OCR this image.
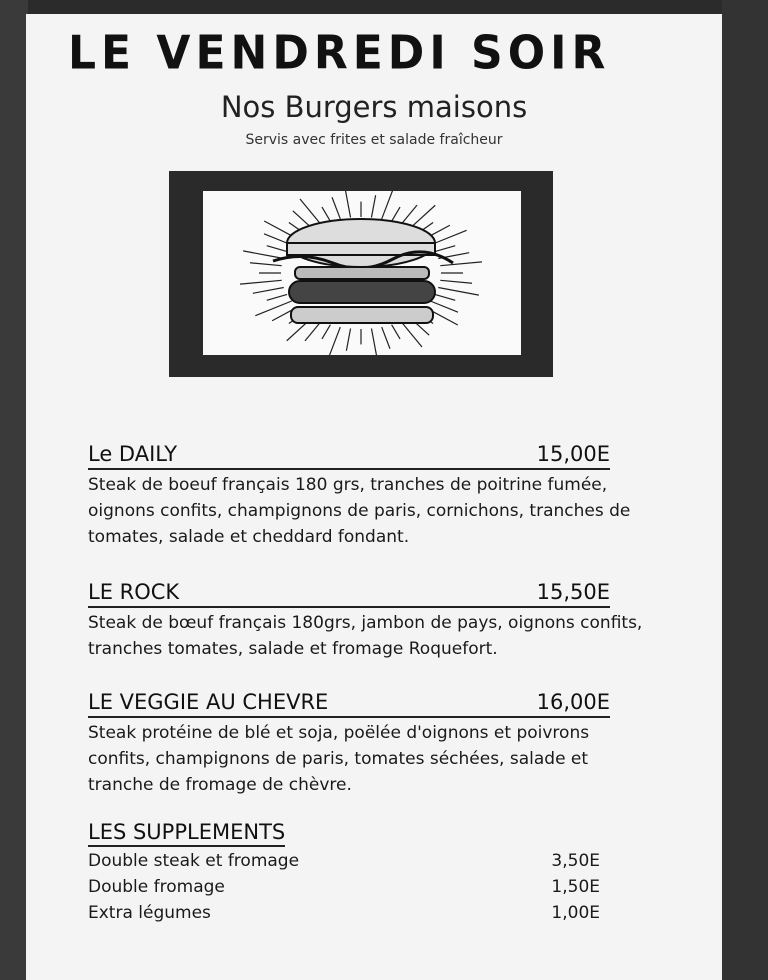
LE VENDREDI SOIR
Nos Burgers maisons
Servis avec frites et salade fraîcheur
Le DAILY	15,00E
Steak de boeuf français 180 grs, tranches de poitrine fumée, oignons confits, champignons de paris, cornichons, tranches de tomates, salade et cheddard fondant.
LE ROCK	15,50E
Steak de bœuf français 180grs, jambon de pays, oignons confits, tranches tomates, salade et fromage Roquefort.
LE VEGGIE AU CHEVRE	16,00E
Steak protéine de blé et soja, poëlée d'oignons et poivrons confits, champignons de paris, tomates séchées, salade et tranche de fromage de chèvre.
LES SUPPLEMENTS
Double steak et fromage	3,50E
Double fromage	1,50E
Extra légumes	1,00E
